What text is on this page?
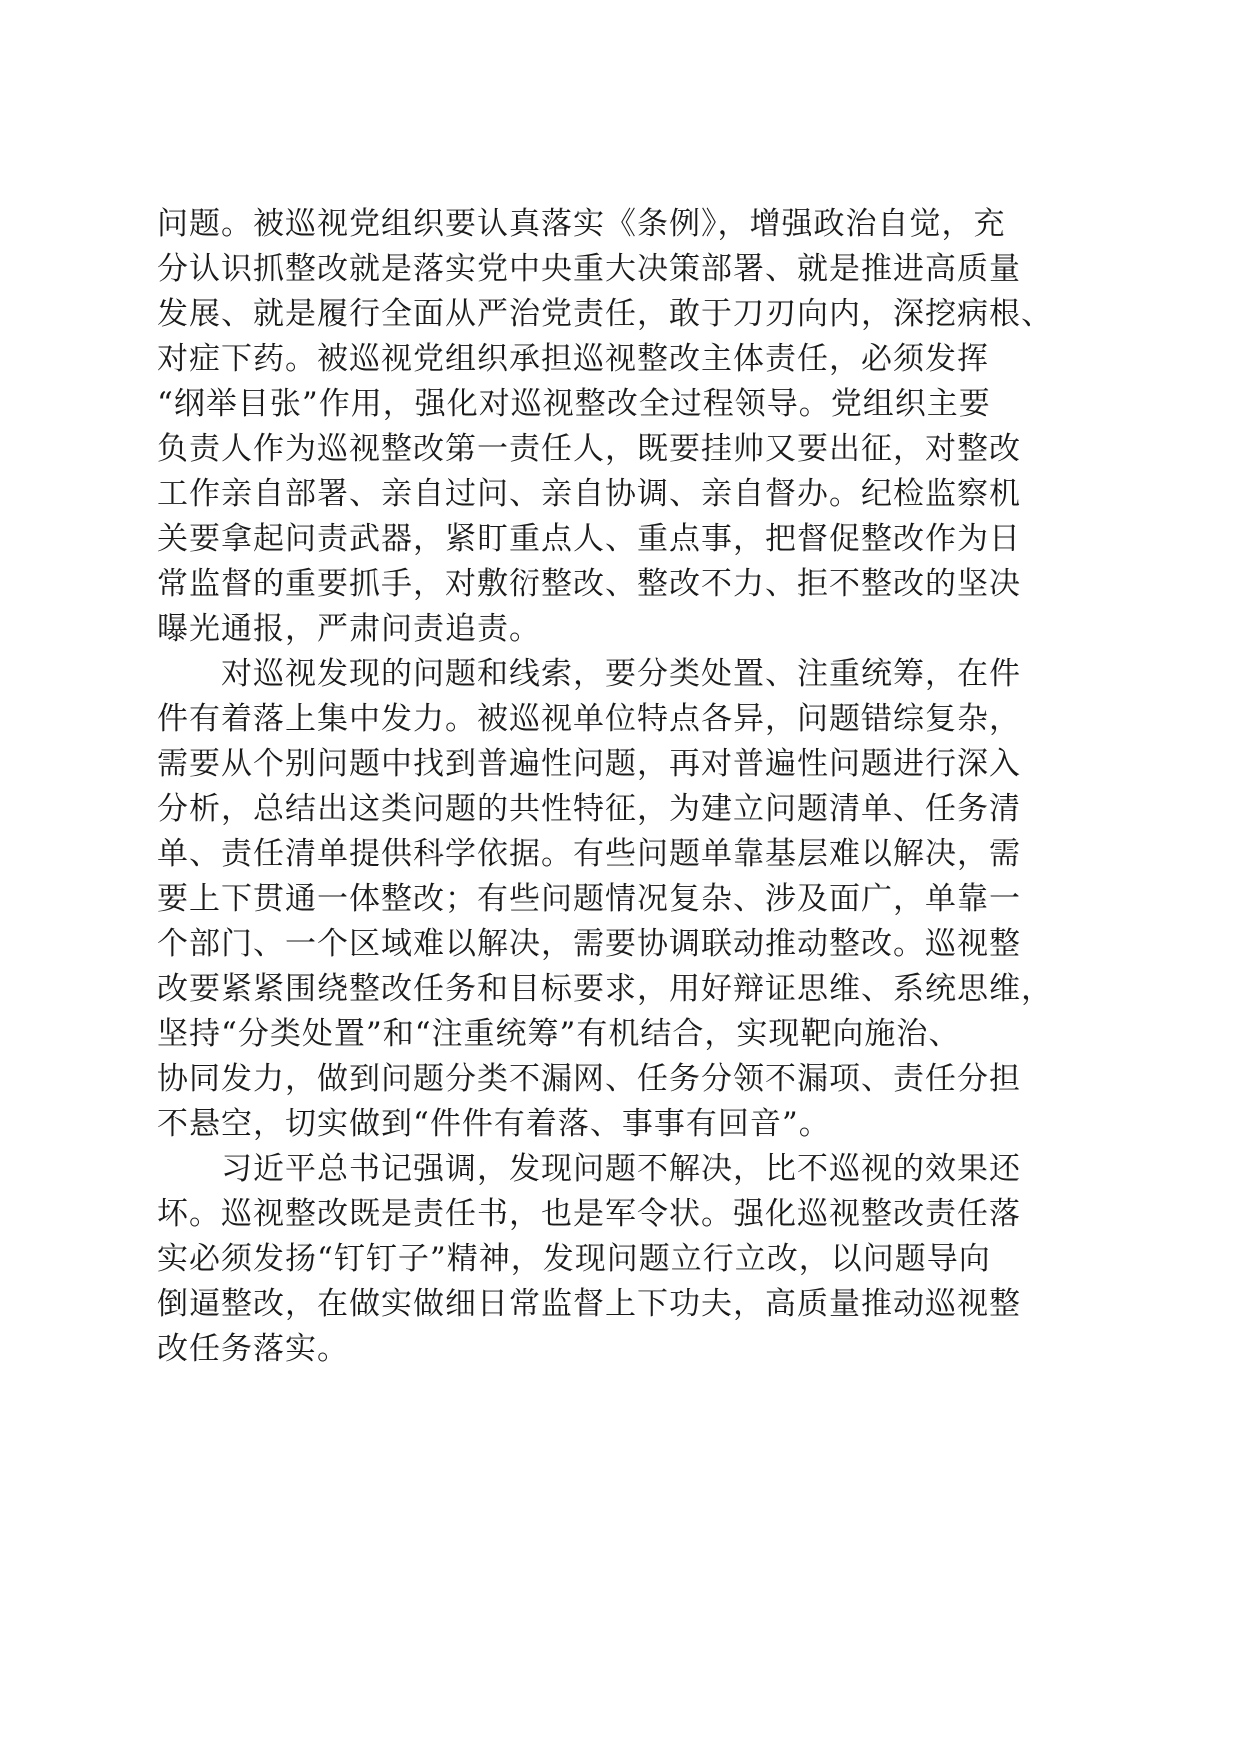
问题。被巡视党组织要认真落实《条例》，增强政治自觉，充
分认识抓整改就是落实党中央重大决策部署、就是推进高质量
发展、就是履行全面从严治党责任，敢于刀刃向内，深挖病根、
对症下药。被巡视党组织承担巡视整改主体责任，必须发挥
“纲举目张”作用，强化对巡视整改全过程领导。党组织主要
负责人作为巡视整改第一责任人，既要挂帅又要出征，对整改
工作亲自部署、亲自过问、亲自协调、亲自督办。纪检监察机
关要拿起问责武器，紧盯重点人、重点事，把督促整改作为日
常监督的重要抓手，对敷衍整改、整改不力、拒不整改的坚决
曝光通报，严肃问责追责。
　　对巡视发现的问题和线索，要分类处置、注重统筹，在件
件有着落上集中发力。被巡视单位特点各异，问题错综复杂，
需要从个别问题中找到普遍性问题，再对普遍性问题进行深入
分析，总结出这类问题的共性特征，为建立问题清单、任务清
单、责任清单提供科学依据。有些问题单靠基层难以解决，需
要上下贯通一体整改；有些问题情况复杂、涉及面广，单靠一
个部门、一个区域难以解决，需要协调联动推动整改。巡视整
改要紧紧围绕整改任务和目标要求，用好辩证思维、系统思维，
坚持“分类处置”和“注重统筹”有机结合，实现靶向施治、
协同发力，做到问题分类不漏网、任务分领不漏项、责任分担
不悬空，切实做到“件件有着落、事事有回音”。
　　习近平总书记强调，发现问题不解决，比不巡视的效果还
坏。巡视整改既是责任书，也是军令状。强化巡视整改责任落
实必须发扬“钉钉子”精神，发现问题立行立改，以问题导向
倒逼整改，在做实做细日常监督上下功夫，高质量推动巡视整
改任务落实。
